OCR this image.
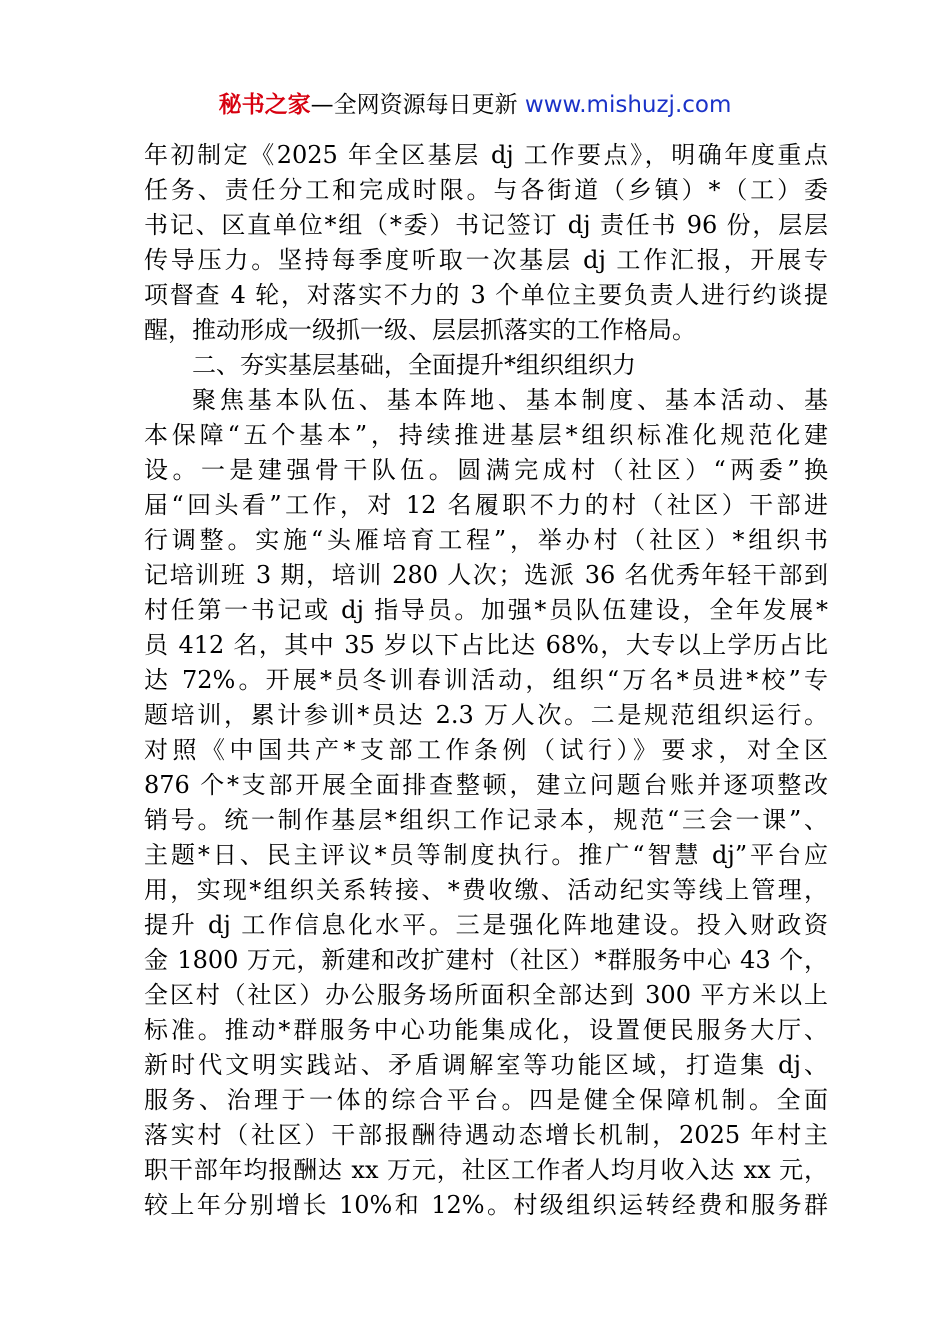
秘书之家—全网资源每日更新 www.mishuzj.com
年初制定《2025 年全区基层 dj 工作要点》，明确年度重点
任务、责任分工和完成时限。与各街道（乡镇）*（工）委
书记、区直单位*组（*委）书记签订 dj 责任书 96 份，层层
传导压力。坚持每季度听取一次基层 dj 工作汇报，开展专
项督查 4 轮，对落实不力的 3 个单位主要负责人进行约谈提
醒，推动形成一级抓一级、层层抓落实的工作格局。
二、夯实基层基础，全面提升*组织组织力
聚焦基本队伍、基本阵地、基本制度、基本活动、基
本保障“五个基本”，持续推进基层*组织标准化规范化建
设。一是建强骨干队伍。圆满完成村（社区）“两委”换
届“回头看”工作，对 12 名履职不力的村（社区）干部进
行调整。实施“头雁培育工程”，举办村（社区）*组织书
记培训班 3 期，培训 280 人次；选派 36 名优秀年轻干部到
村任第一书记或 dj 指导员。加强*员队伍建设，全年发展*
员 412 名，其中 35 岁以下占比达 68%，大专以上学历占比
达 72%。开展*员冬训春训活动，组织“万名*员进*校”专
题培训，累计参训*员达 2.3 万人次。二是规范组织运行。
对照《中国共产*支部工作条例（试行）》要求，对全区
876 个*支部开展全面排查整顿，建立问题台账并逐项整改
销号。统一制作基层*组织工作记录本，规范“三会一课”、
主题*日、民主评议*员等制度执行。推广“智慧 dj”平台应
用，实现*组织关系转接、*费收缴、活动纪实等线上管理，
提升 dj 工作信息化水平。三是强化阵地建设。投入财政资
金 1800 万元，新建和改扩建村（社区）*群服务中心 43 个，
全区村（社区）办公服务场所面积全部达到 300 平方米以上
标准。推动*群服务中心功能集成化，设置便民服务大厅、
新时代文明实践站、矛盾调解室等功能区域，打造集 dj、
服务、治理于一体的综合平台。四是健全保障机制。全面
落实村（社区）干部报酬待遇动态增长机制，2025 年村主
职干部年均报酬达 xx 万元，社区工作者人均月收入达 xx 元，
较上年分别增长 10%和 12%。村级组织运转经费和服务群
